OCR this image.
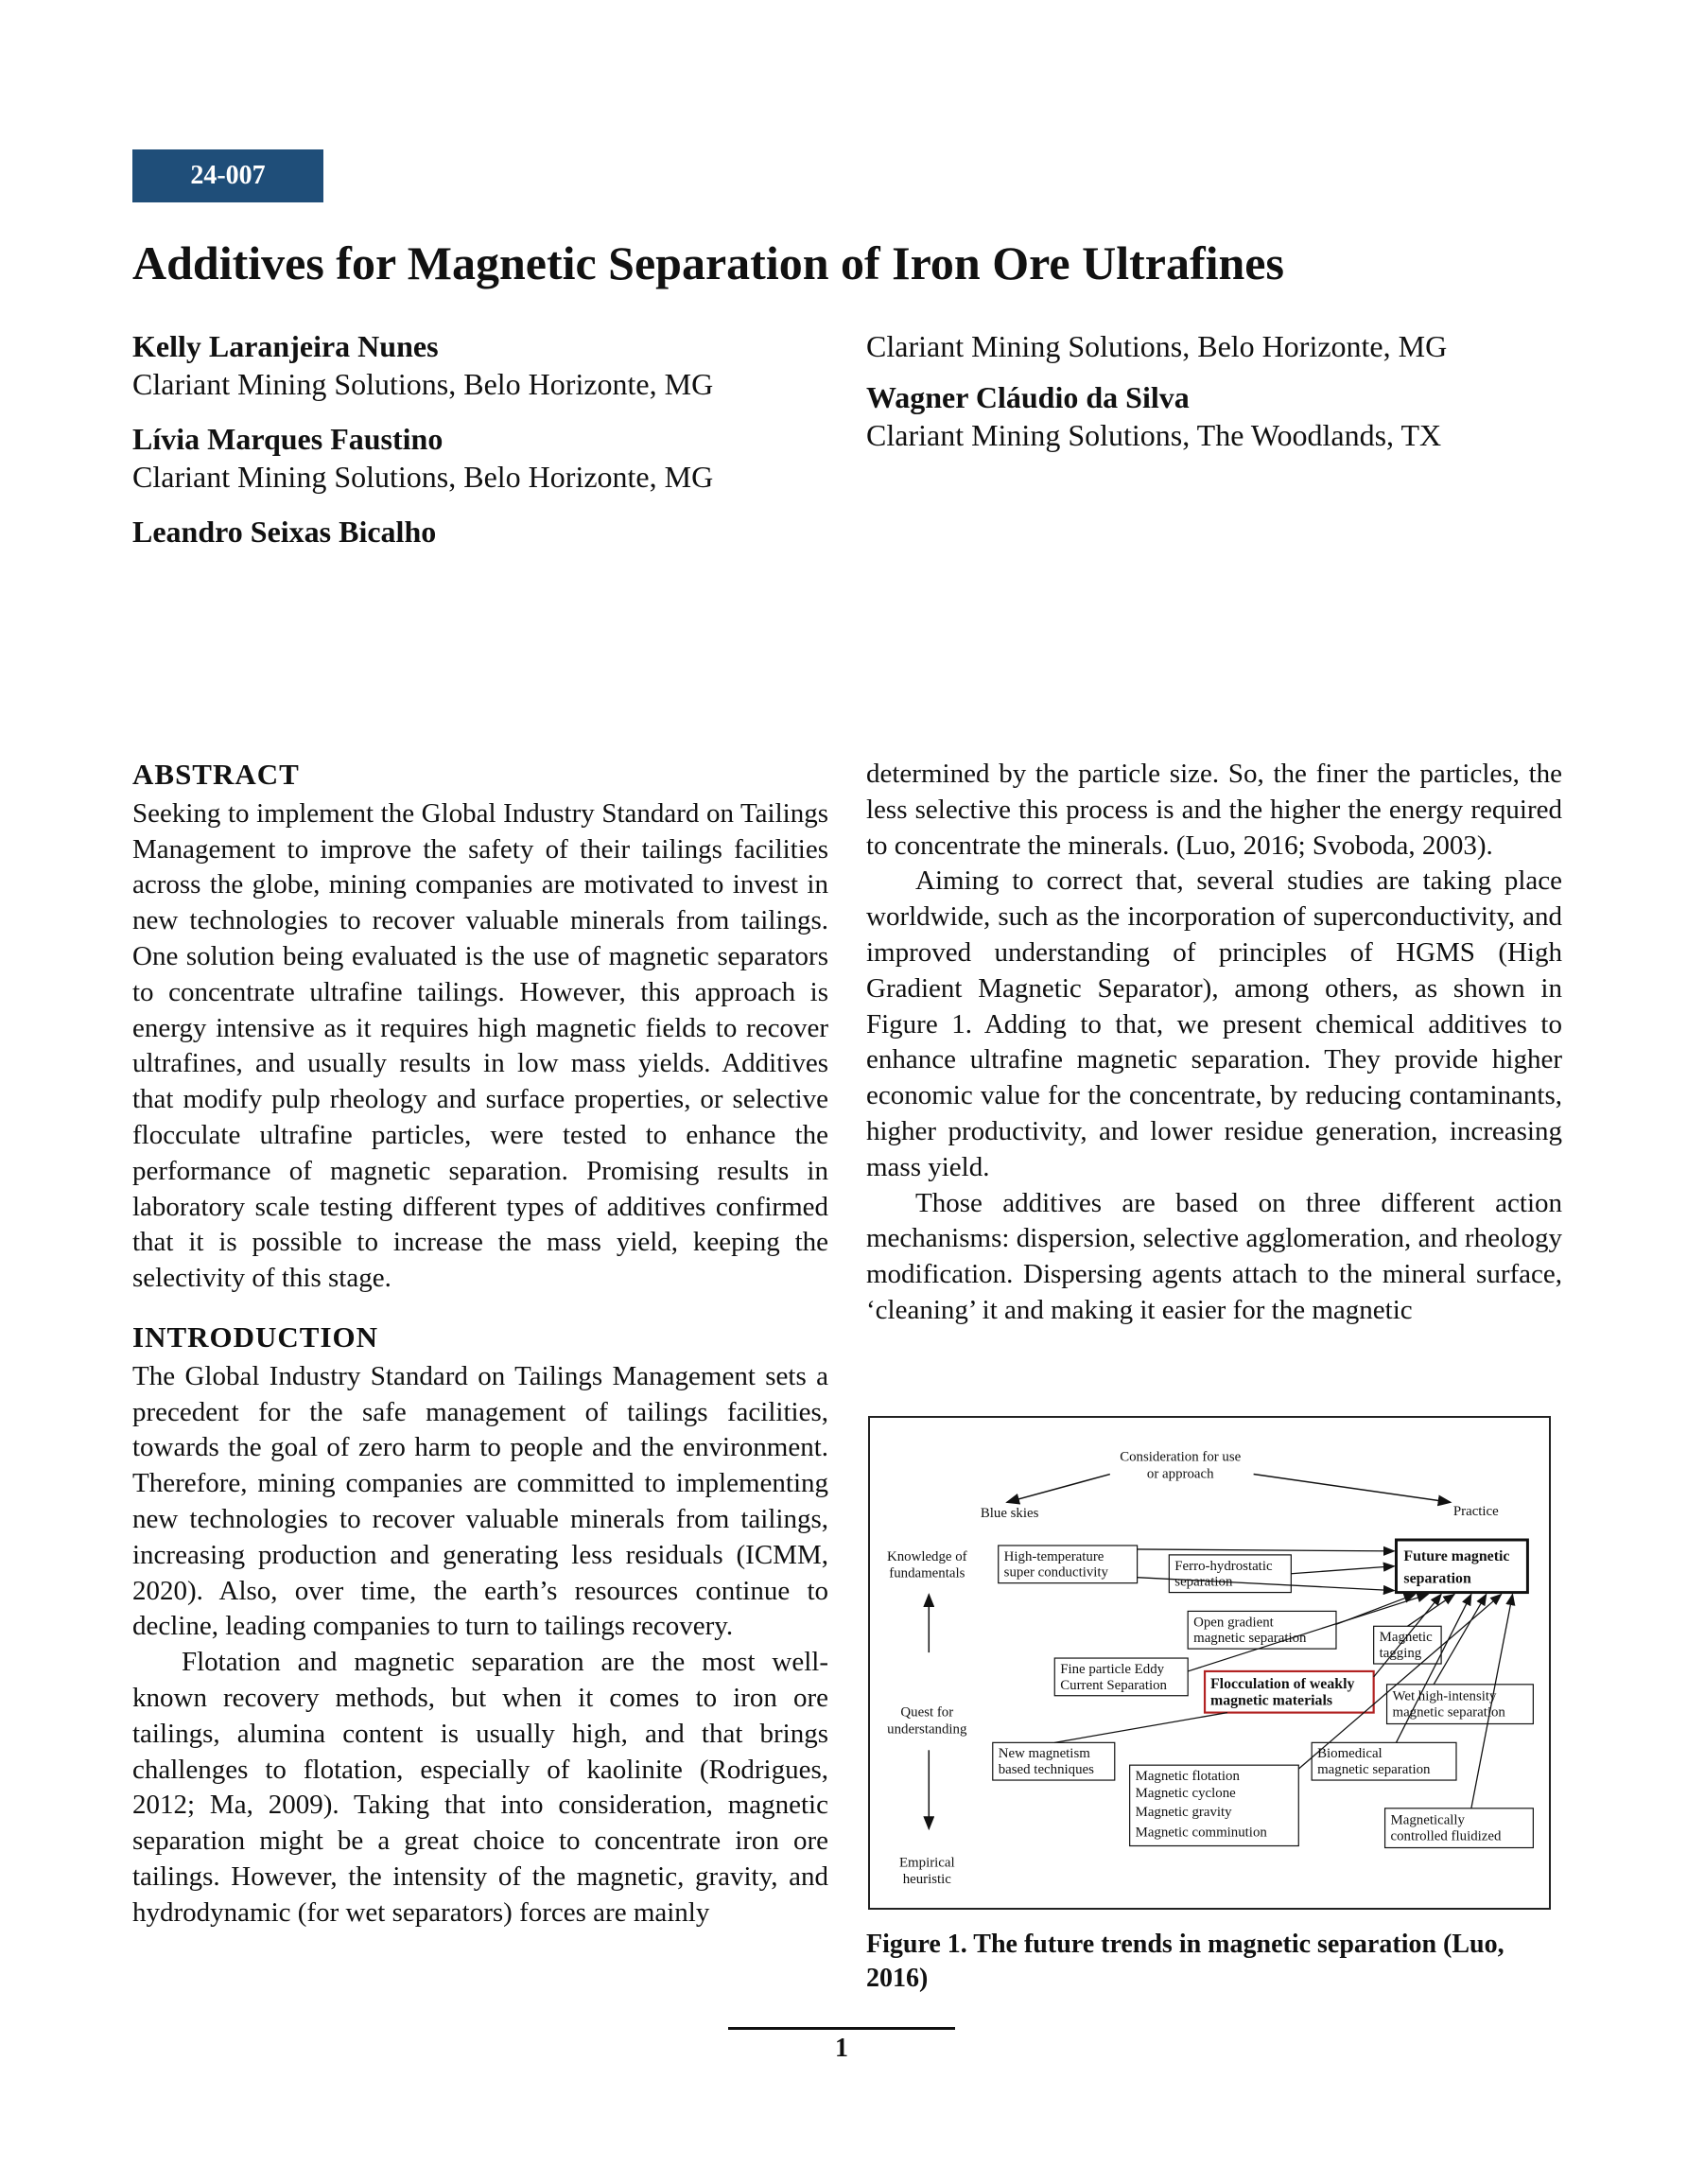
24-007
Additives for Magnetic Separation of Iron Ore Ultrafines
Kelly Laranjeira Nunes
Clariant Mining Solutions, Belo Horizonte, MG
Lívia Marques Faustino
Clariant Mining Solutions, Belo Horizonte, MG
Leandro Seixas Bicalho
Clariant Mining Solutions, Belo Horizonte, MG
Wagner Cláudio da Silva
Clariant Mining Solutions, The Woodlands, TX
ABSTRACT

Seeking to implement the Global Industry Standard on Tailings Management to improve the safety of their tailings facilities across the globe, mining companies are motivated to invest in new technologies to recover valuable minerals from tailings. One solution being evaluated is the use of magnetic separators to concentrate ultrafine tailings. However, this approach is energy intensive as it requires high magnetic fields to recover ultrafines, and usually results in low mass yields. Additives that modify pulp rheology and surface properties, or selective flocculate ultrafine particles, were tested to enhance the performance of magnetic separation. Promising results in laboratory scale testing different types of additives confirmed that it is possible to increase the mass yield, keeping the selectivity of this stage.

INTRODUCTION

The Global Industry Standard on Tailings Management sets a precedent for the safe management of tailings facilities, towards the goal of zero harm to people and the environment. Therefore, mining companies are committed to implementing new technologies to recover valuable minerals from tailings, increasing production and generating less residuals (ICMM, 2020). Also, over time, the earth’s resources continue to decline, leading companies to turn to tailings recovery.

Flotation and magnetic separation are the most well-known recovery methods, but when it comes to iron ore tailings, alumina content is usually high, and that brings challenges to flotation, especially of kaolinite (Rodrigues, 2012; Ma, 2009). Taking that into consideration, magnetic separation might be a great choice to concentrate iron ore tailings. However, the intensity of the magnetic, gravity, and hydrodynamic (for wet separators) forces are mainly

determined by the particle size. So, the finer the particles, the less selective this process is and the higher the energy required to concentrate the minerals. (Luo, 2016; Svoboda, 2003).

Aiming to correct that, several studies are taking place worldwide, such as the incorporation of superconductivity, and improved understanding of principles of HGMS (High Gradient Magnetic Separator), among others, as shown in Figure 1. Adding to that, we present chemical additives to enhance ultrafine magnetic separation. They provide higher economic value for the concentrate, by reducing contaminants, higher productivity, and lower residue generation, increasing mass yield.

Those additives are based on three different action mechanisms: dispersion, selective agglomeration, and rheology modification. Dispersing agents attach to the mineral surface, ‘cleaning’ it and making it easier for the magnetic

Consideration for use
or approach
Blue skies	Practice
Knowledge of
fundamentals
Quest for
understanding
Empirical
heuristic
High-temperature
super conductivity	Ferro-hydrostatic
separation
Future magnetic
separation
Open gradient
magnetic separation	Magnetic
tagging
Fine particle Eddy
Current Separation	Flocculation of weakly
magnetic materials	Wet high-intensity
magnetic separation
New magnetism
based techniques
Biomedical
magnetic separation
Magnetic flotation
Magnetic cyclone
Magnetic gravity
Magnetic comminution
Magnetically
controlled fluidized
Figure 1. The future trends in magnetic separation (Luo, 2016)
1
